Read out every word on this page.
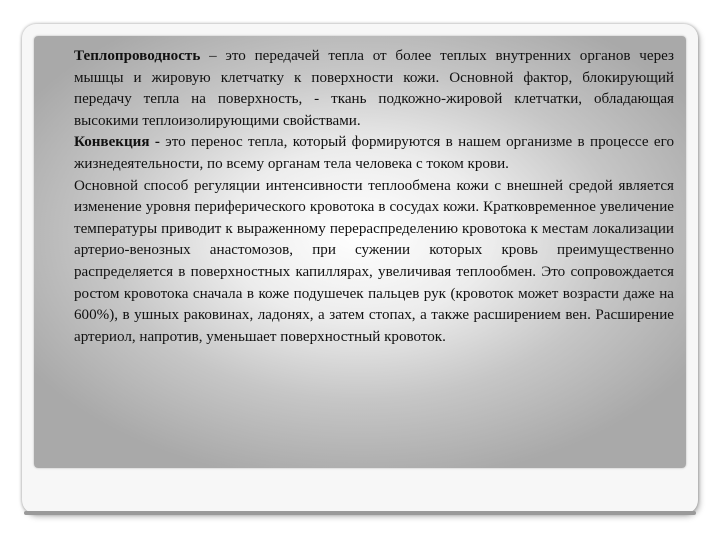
Теплопроводность – это передачей тепла от более теплых внутренних органов через мышцы и жировую клетчатку к поверхности кожи. Основной фактор, блокирующий передачу тепла на поверхность, - ткань подкожно-жировой клетчатки, обладающая высокими теплоизолирующими свойствами.

Конвекция - это перенос тепла, который формируются в нашем организме в процессе его жизнедеятельности, по всему органам тела человека с током крови.

Основной способ регуляции интенсивности теплообмена кожи с внешней средой является изменение уровня периферического кровотока в сосудах кожи. Кратковременное увеличение температуры приводит к выраженному перераспределению кровотока к местам локализации артерио-венозных анастомозов, при сужении которых кровь преимущественно распределяется в поверхностных капиллярах, увеличивая теплообмен. Это сопровождается ростом кровотока сначала в коже подушечек пальцев рук (кровоток может возрасти даже на 600%), в ушных раковинах, ладонях, а затем стопах, а также расширением вен. Расширение артериол, напротив, уменьшает поверхностный кровоток.
